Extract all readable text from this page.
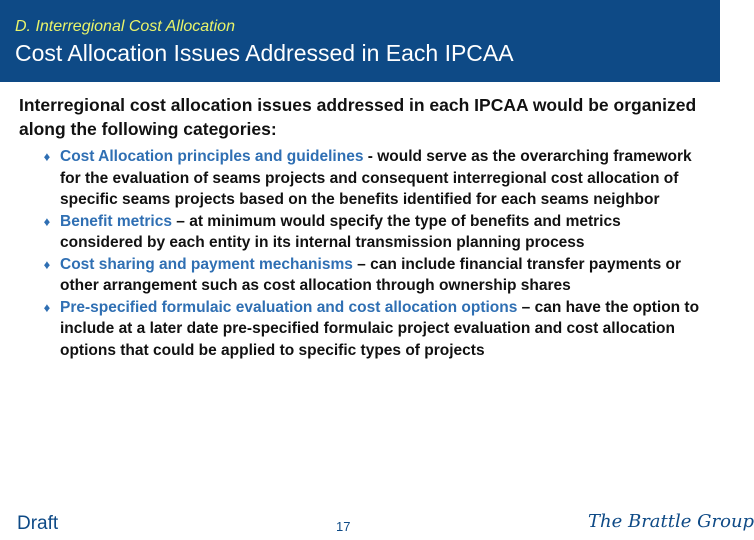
D. Interregional Cost Allocation
Cost Allocation Issues Addressed in Each IPCAA
Interregional cost allocation issues addressed in each IPCAA would be organized along the following categories:
♦ Cost Allocation principles and guidelines - would serve as the overarching framework for the evaluation of seams projects and consequent interregional cost allocation of specific seams projects based on the benefits identified for each seams neighbor
♦ Benefit metrics – at minimum would specify the type of benefits and metrics considered by each entity in its internal transmission planning process
♦ Cost sharing and payment mechanisms – can include financial transfer payments or other arrangement such as cost allocation through ownership shares
♦ Pre-specified formulaic evaluation and cost allocation options – can have the option to include at a later date pre-specified formulaic project evaluation and cost allocation options that could be applied to specific types of projects
Draft	17	The Brattle Group
